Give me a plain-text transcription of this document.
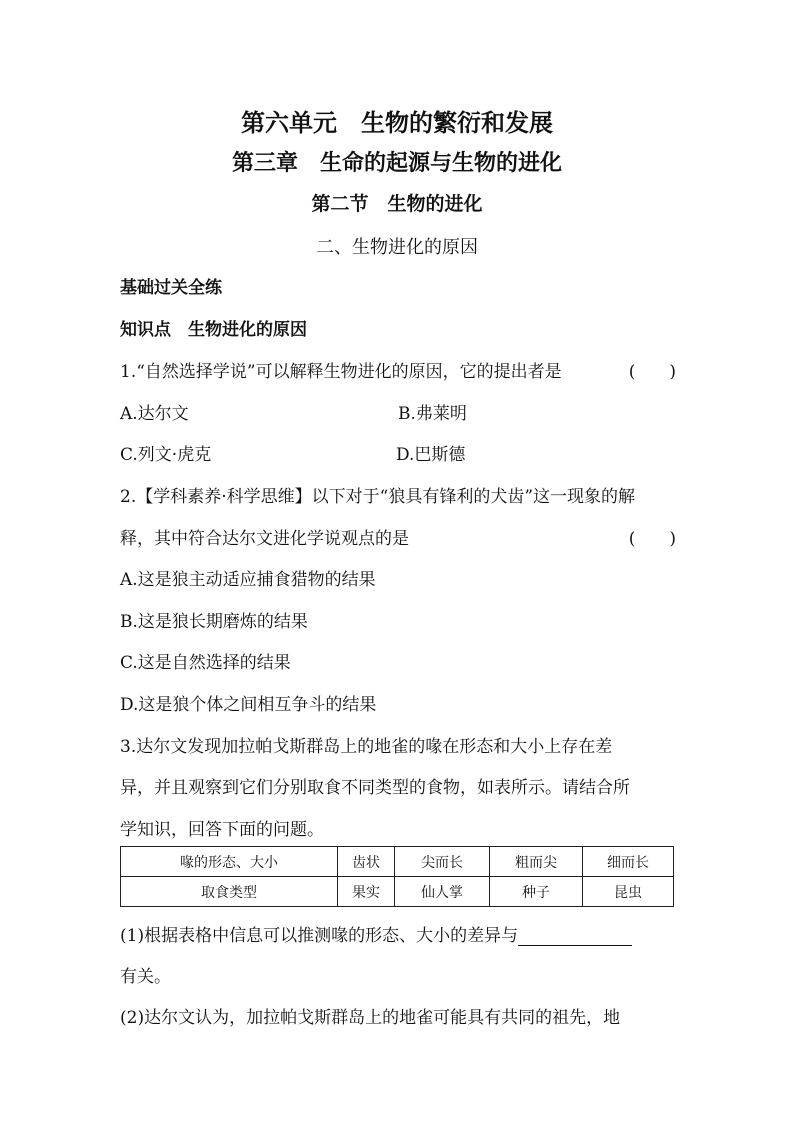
第六单元　生物的繁衍和发展
第三章　生命的起源与生物的进化
第二节　生物的进化
二、生物进化的原因
基础过关全练
知识点　生物进化的原因
1.“自然选择学说”可以解释生物进化的原因，它的提出者是	(　　)
A.达尔文	B.弗莱明
C.列文·虎克	D.巴斯德
2.【学科素养·科学思维】以下对于“狼具有锋利的犬齿”这一现象的解
释，其中符合达尔文进化学说观点的是	(　　)
A.这是狼主动适应捕食猎物的结果
B.这是狼长期磨炼的结果
C.这是自然选择的结果
D.这是狼个体之间相互争斗的结果
3.达尔文发现加拉帕戈斯群岛上的地雀的喙在形态和大小上存在差
异，并且观察到它们分别取食不同类型的食物，如表所示。请结合所
学知识，回答下面的问题。
喙的形态、大小	齿状	尖而长	粗而尖	细而长
取食类型	果实	仙人掌	种子	昆虫
(1)根据表格中信息可以推测喙的形态、大小的差异与
有关。
(2)达尔文认为，加拉帕戈斯群岛上的地雀可能具有共同的祖先，地
